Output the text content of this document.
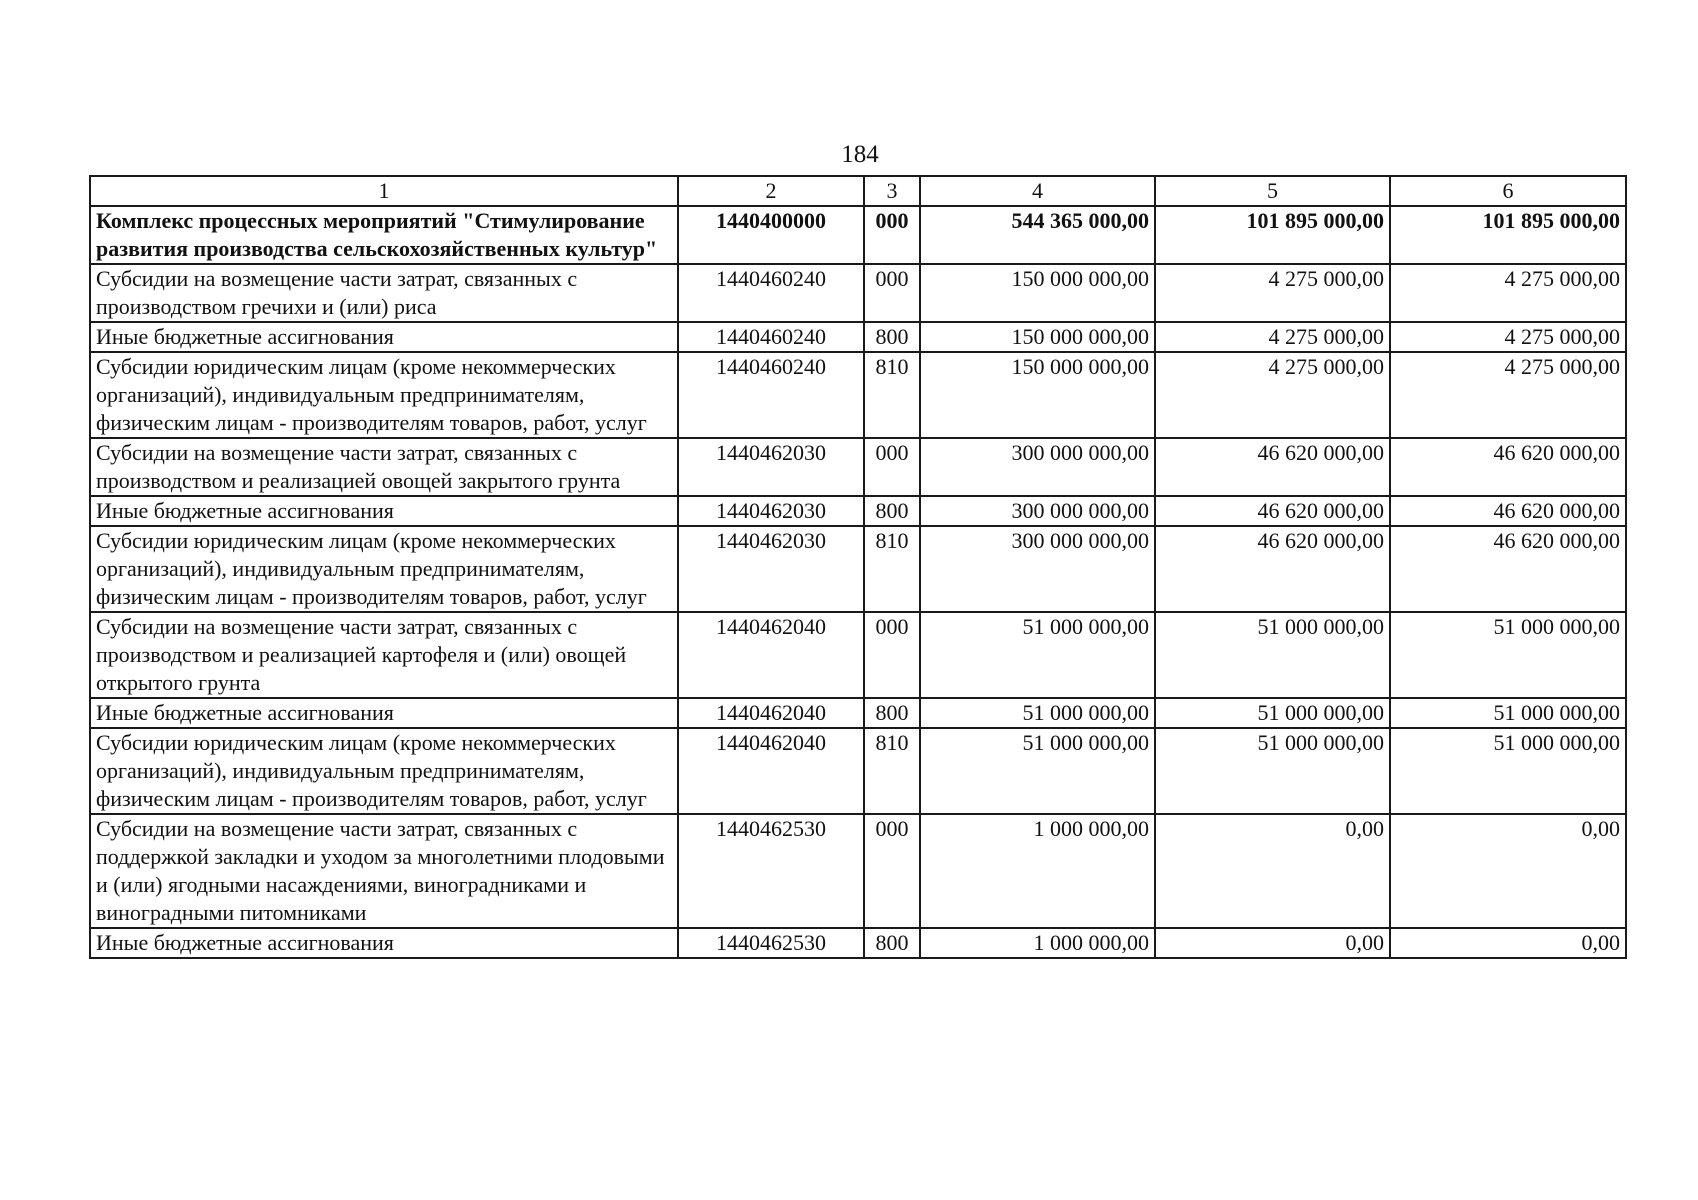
184
1	2	3	4	5	6
Комплекс процессных мероприятий "Стимулирование развития производства сельскохозяйственных культур"	1440400000	000	544 365 000,00	101 895 000,00	101 895 000,00
Субсидии на возмещение части затрат, связанных с производством гречихи и (или) риса	1440460240	000	150 000 000,00	4 275 000,00	4 275 000,00
Иные бюджетные ассигнования	1440460240	800	150 000 000,00	4 275 000,00	4 275 000,00
Субсидии юридическим лицам (кроме некоммерческих организаций), индивидуальным предпринимателям, физическим лицам - производителям товаров, работ, услуг	1440460240	810	150 000 000,00	4 275 000,00	4 275 000,00
Субсидии на возмещение части затрат, связанных с производством и реализацией овощей закрытого грунта	1440462030	000	300 000 000,00	46 620 000,00	46 620 000,00
Иные бюджетные ассигнования	1440462030	800	300 000 000,00	46 620 000,00	46 620 000,00
Субсидии юридическим лицам (кроме некоммерческих организаций), индивидуальным предпринимателям, физическим лицам - производителям товаров, работ, услуг	1440462030	810	300 000 000,00	46 620 000,00	46 620 000,00
Субсидии на возмещение части затрат, связанных с производством и реализацией картофеля и (или) овощей открытого грунта	1440462040	000	51 000 000,00	51 000 000,00	51 000 000,00
Иные бюджетные ассигнования	1440462040	800	51 000 000,00	51 000 000,00	51 000 000,00
Субсидии юридическим лицам (кроме некоммерческих организаций), индивидуальным предпринимателям, физическим лицам - производителям товаров, работ, услуг	1440462040	810	51 000 000,00	51 000 000,00	51 000 000,00
Субсидии на возмещение части затрат, связанных с поддержкой закладки и уходом за многолетними плодовыми и (или) ягодными насаждениями, виноградниками и виноградными питомниками	1440462530	000	1 000 000,00	0,00	0,00
Иные бюджетные ассигнования	1440462530	800	1 000 000,00	0,00	0,00
